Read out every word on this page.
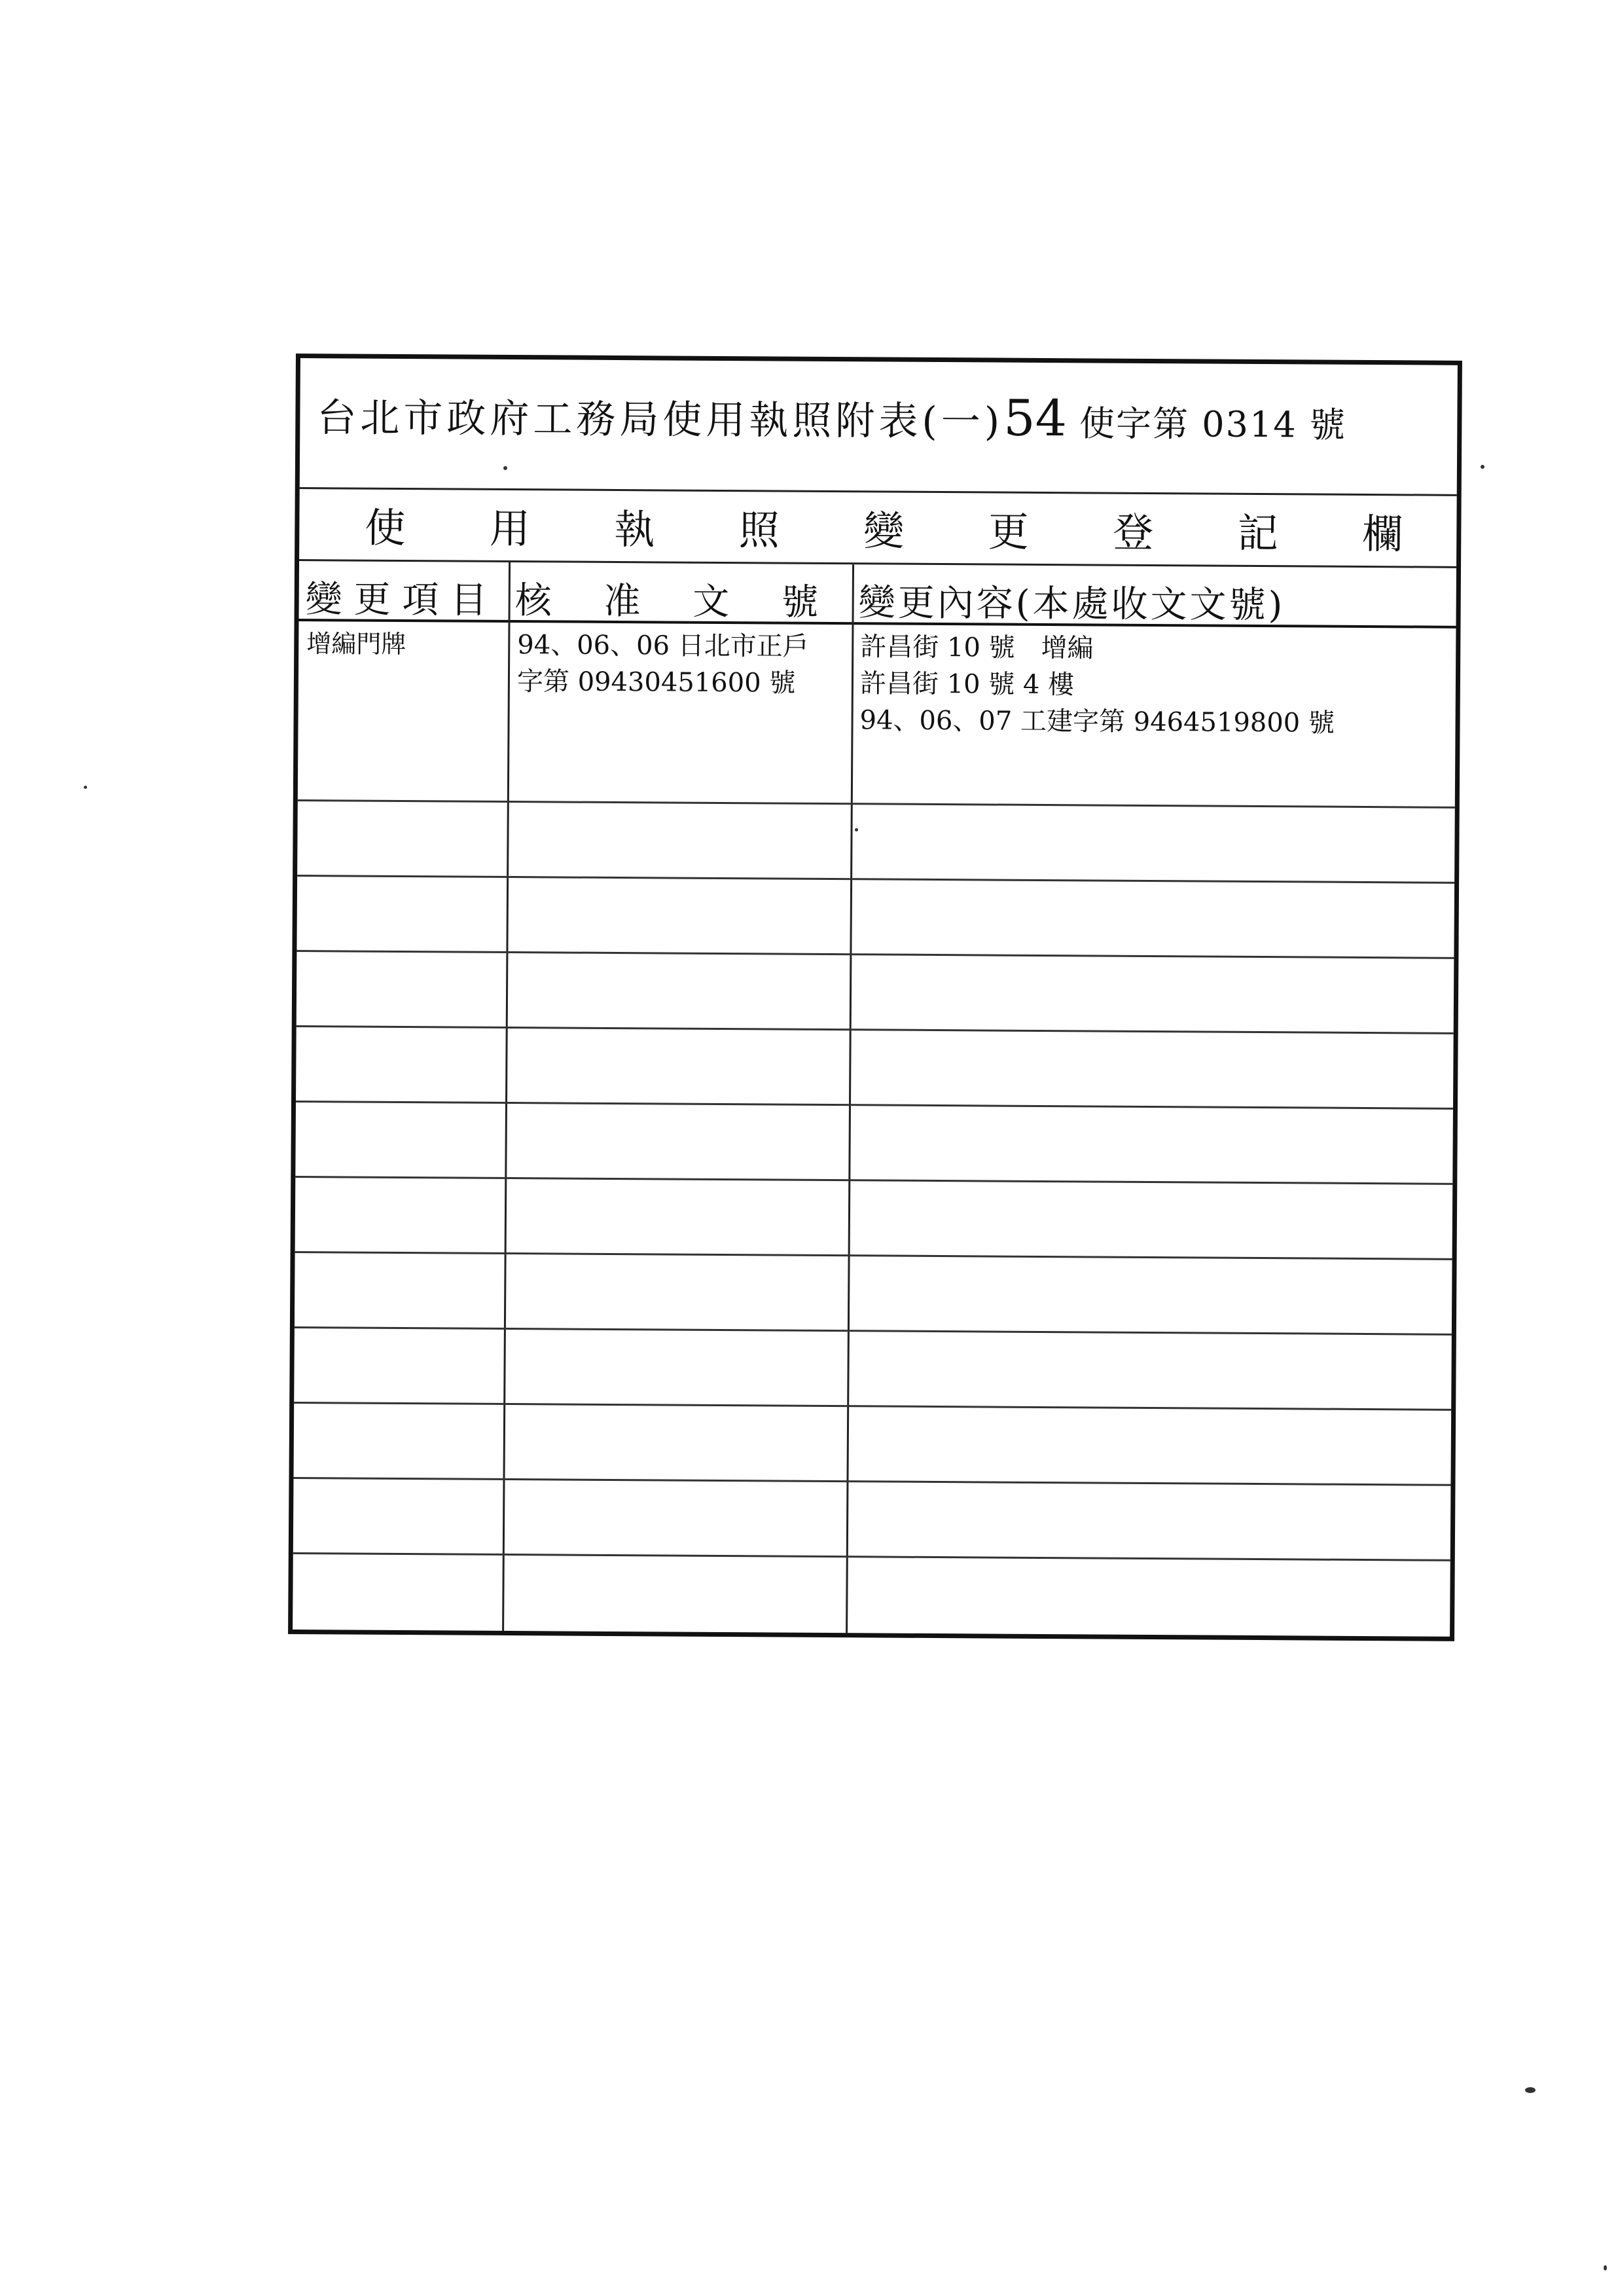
台北市政府工務局使用執照附表(一)54 使字第 0314 號
使 用 執 照 變 更 登 記 欄
變 更 項 目 核 　准 　文 　號 變更內容(本處收文文號)
增編門牌	94、06、06 日北市正戶
字第 09430451600 號
許昌街 10 號　增編
許昌街 10 號 4 樓
94、06、07 工建字第 9464519800 號
